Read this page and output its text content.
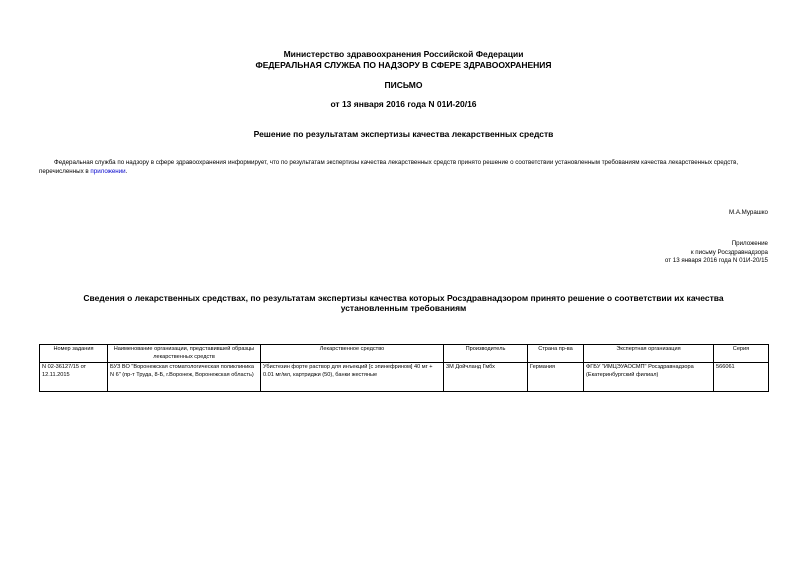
Министерство здравоохранения Российской Федерации
ФЕДЕРАЛЬНАЯ СЛУЖБА ПО НАДЗОРУ В СФЕРЕ ЗДРАВООХРАНЕНИЯ
ПИСЬМО
от 13 января 2016 года N 01И-20/16
Решение по результатам экспертизы качества лекарственных средств
Федеральная служба по надзору в сфере здравоохранения информирует, что по результатам экспертизы качества лекарственных средств принято решение о соответствии установленным требованиям качества лекарственных средств, перечисленных в приложении.
М.А.Мурашко
Приложение
к письму Росздравнадзора
от 13 января 2016 года N 01И-20/15
Сведения о лекарственных средствах, по результатам экспертизы качества которых Росздравнадзором принято решение о соответствии их качества установленным требованиям
Номер задания	Наименование организации, представившей образцы лекарственных средств	Лекарственное средство	Производитель	Страна пр-ва	Экспертная организация	Серия
N 02-36127/15 от 12.11.2015	БУЗ ВО "Воронежская стоматологическая поликлиника N 6" (пр-т Труда, 8-Б, г.Воронеж, Воронежская область)	Убистезин форте раствор для инъекций [с эпинефрином] 40 мг + 0.01 мг/мл, картриджи (50), банки жестяные	3М Дойчланд Гмбх	Германия	ФГБУ "ИМЦЭУАОСМП" Росздравнадзора (Екатеринбургский филиал)	566061
